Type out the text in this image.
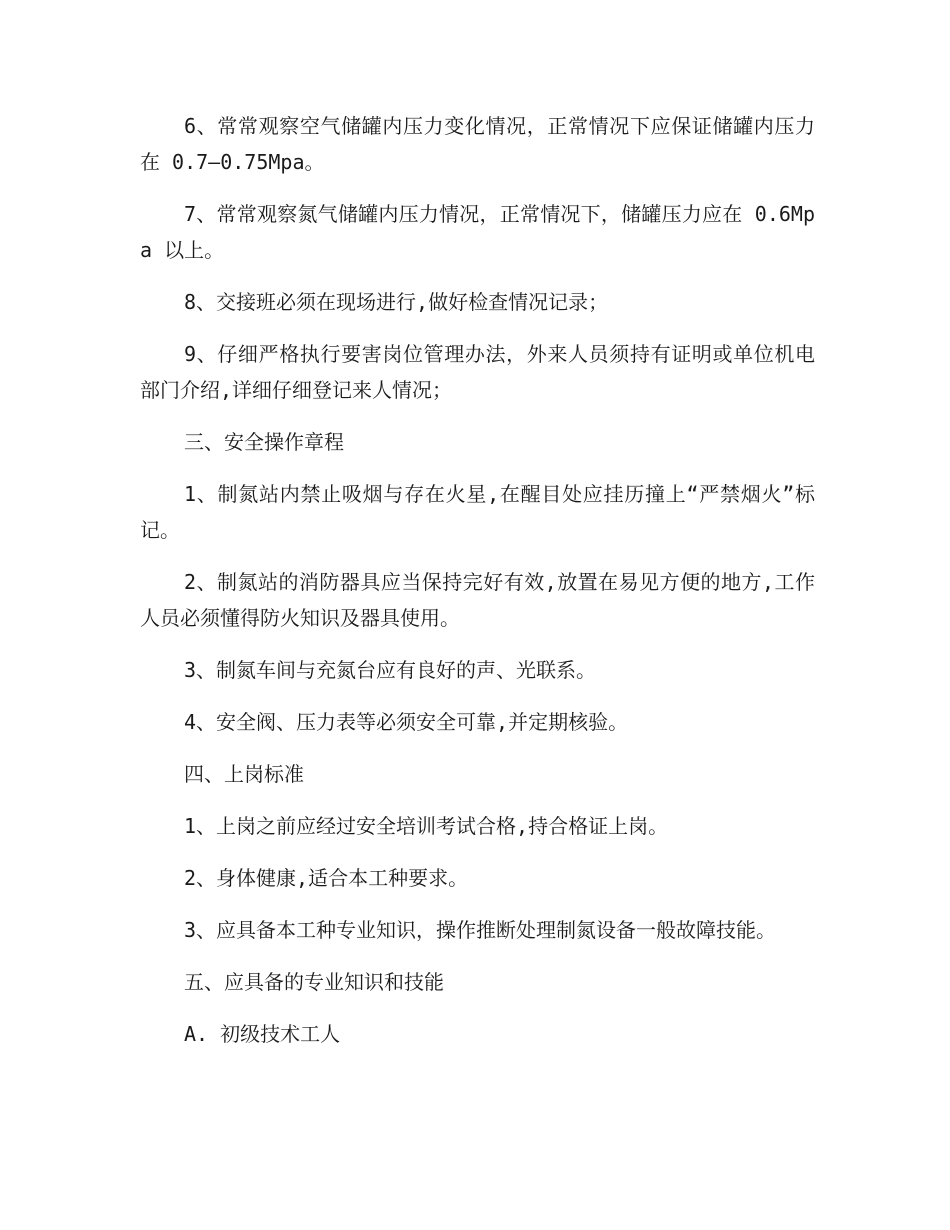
6、常常观察空气储罐内压力变化情况，正常情况下应保证储罐内压力在 0.7—0.75Mpa。

7、常常观察氮气储罐内压力情况，正常情况下，储罐压力应在 0.6Mpa 以上。

8、交接班必须在现场进行,做好检查情况记录；

9、仔细严格执行要害岗位管理办法，外来人员须持有证明或单位机电部门介绍,详细仔细登记来人情况；

三、安全操作章程

1、制氮站内禁止吸烟与存在火星,在醒目处应挂历撞上“严禁烟火”标记。

2、制氮站的消防器具应当保持完好有效,放置在易见方便的地方,工作人员必须懂得防火知识及器具使用。

3、制氮车间与充氮台应有良好的声、光联系。

4、安全阀、压力表等必须安全可靠,并定期核验。

四、上岗标准

1、上岗之前应经过安全培训考试合格,持合格证上岗。

2、身体健康,适合本工种要求。

3、应具备本工种专业知识，操作推断处理制氮设备一般故障技能。

五、应具备的专业知识和技能

A. 初级技术工人
